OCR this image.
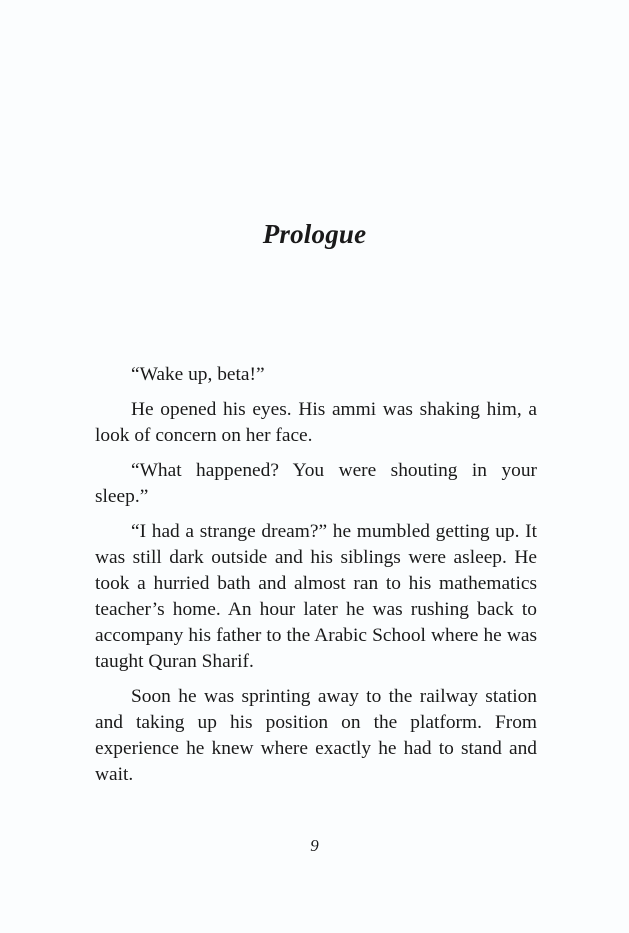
Prologue

“Wake up, beta!”

He opened his eyes. His ammi was shaking him, a look of concern on her face.

“What happened? You were shouting in your sleep.”

“I had a strange dream?” he mumbled getting up. It was still dark outside and his siblings were asleep. He took a hurried bath and almost ran to his mathematics teacher’s home. An hour later he was rushing back to accompany his father to the Arabic School where he was taught Quran Sharif.

Soon he was sprinting away to the railway station and taking up his position on the platform. From experience he knew where exactly he had to stand and wait.

9
